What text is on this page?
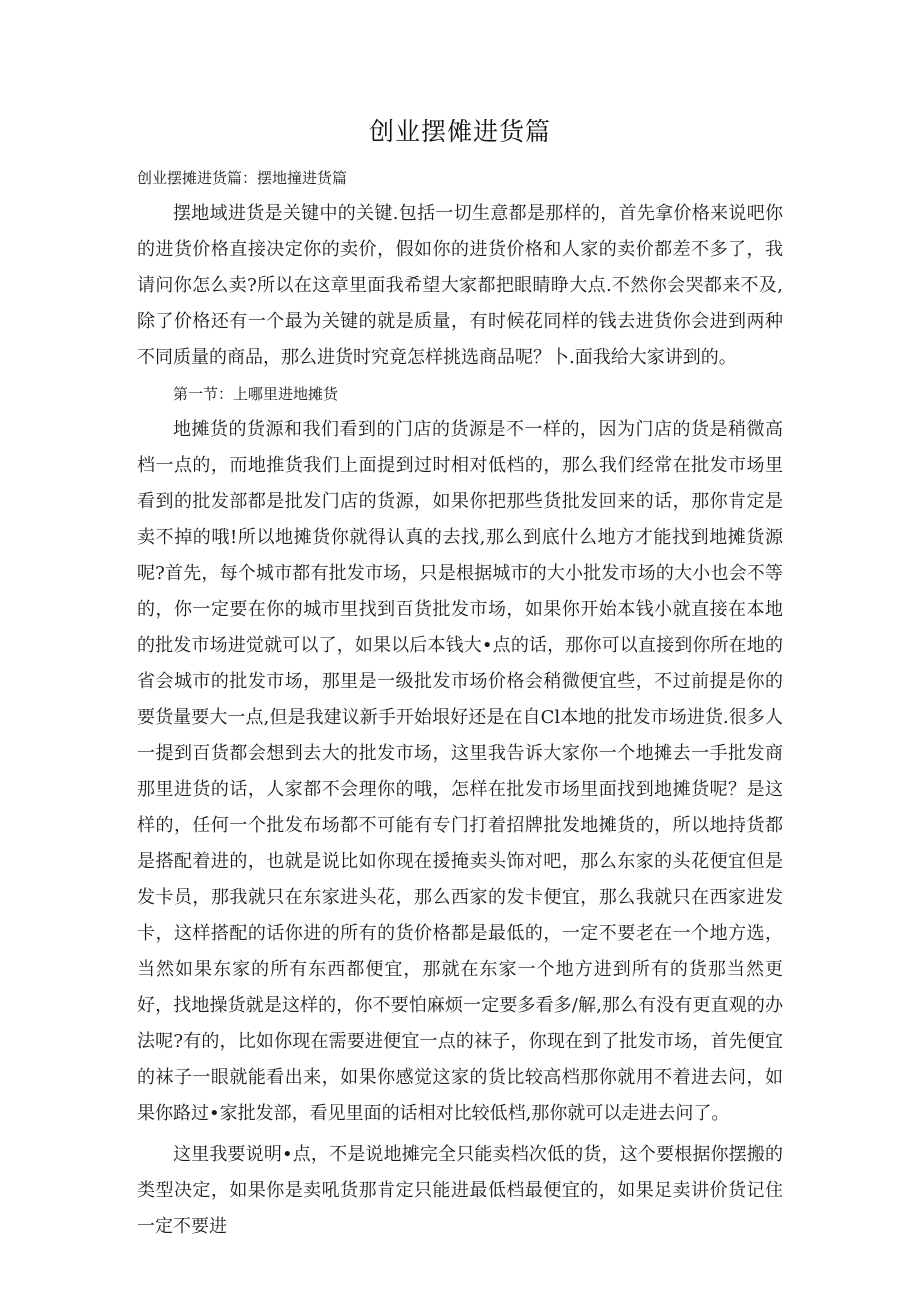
创业摆傩进货篇

创业摆摊进货篇：摆地撞进货篇

摆地域进货是关键中的关键.包括一切生意都是那样的，首先拿价格来说吧你的进货价格直接决定你的卖价，假如你的进货价格和人家的卖价都差不多了，我请问你怎么卖?所以在这章里面我希望大家都把眼睛睁大点.不然你会哭都来不及,除了价格还有一个最为关键的就是质量，有时候花同样的钱去进货你会进到两种不同质量的商品，那么进货时究竟怎样挑选商品呢？卜.面我给大家讲到的。

第一节：上哪里进地摊货

地摊货的货源和我们看到的门店的货源是不一样的，因为门店的货是稍微高档一点的，而地推货我们上面提到过时相对低档的，那么我们经常在批发市场里看到的批发部都是批发门店的货源，如果你把那些货批发回来的话，那你肯定是卖不掉的哦!所以地摊货你就得认真的去找,那么到底什么地方才能找到地摊货源呢?首先，每个城市都有批发市场，只是根据城市的大小批发市场的大小也会不等的，你一定要在你的城市里找到百货批发市场，如果你开始本钱小就直接在本地的批发市场进觉就可以了，如果以后本钱大•点的话，那你可以直接到你所在地的省会城市的批发市场，那里是一级批发市场价格会稍微便宜些，不过前提是你的要货量要大一点,但是我建议新手开始垠好还是在自Cl本地的批发市场进货.很多人一提到百货都会想到去大的批发市场，这里我告诉大家你一个地摊去一手批发商那里进货的话，人家都不会理你的哦，怎样在批发市场里面找到地摊货呢？是这样的，任何一个批发布场都不可能有专门打着招牌批发地摊货的，所以地持货都是搭配着进的，也就是说比如你现在援掩卖头饰对吧，那么东家的头花便宜但是发卡员，那我就只在东家进头花，那么西家的发卡便宜，那么我就只在西家进发卡，这样搭配的话你进的所有的货价格都是最低的，一定不要老在一个地方选，当然如果东家的所有东西都便宜，那就在东家一个地方进到所有的货那当然更好，找地操货就是这样的，你不要怕麻烦一定要多看多/解,那么有没有更直观的办法呢?有的，比如你现在需要进便宜一点的袜子，你现在到了批发市场，首先便宜的袜子一眼就能看出来，如果你感觉这家的货比较高档那你就用不着进去问，如果你路过•家批发部，看见里面的话相对比较低档,那你就可以走进去问了。

这里我要说明•点，不是说地摊完全只能卖档次低的货，这个要根据你摆搬的类型决定，如果你是卖吼货那肯定只能进最低档最便宜的，如果足卖讲价货记住一定不要进
